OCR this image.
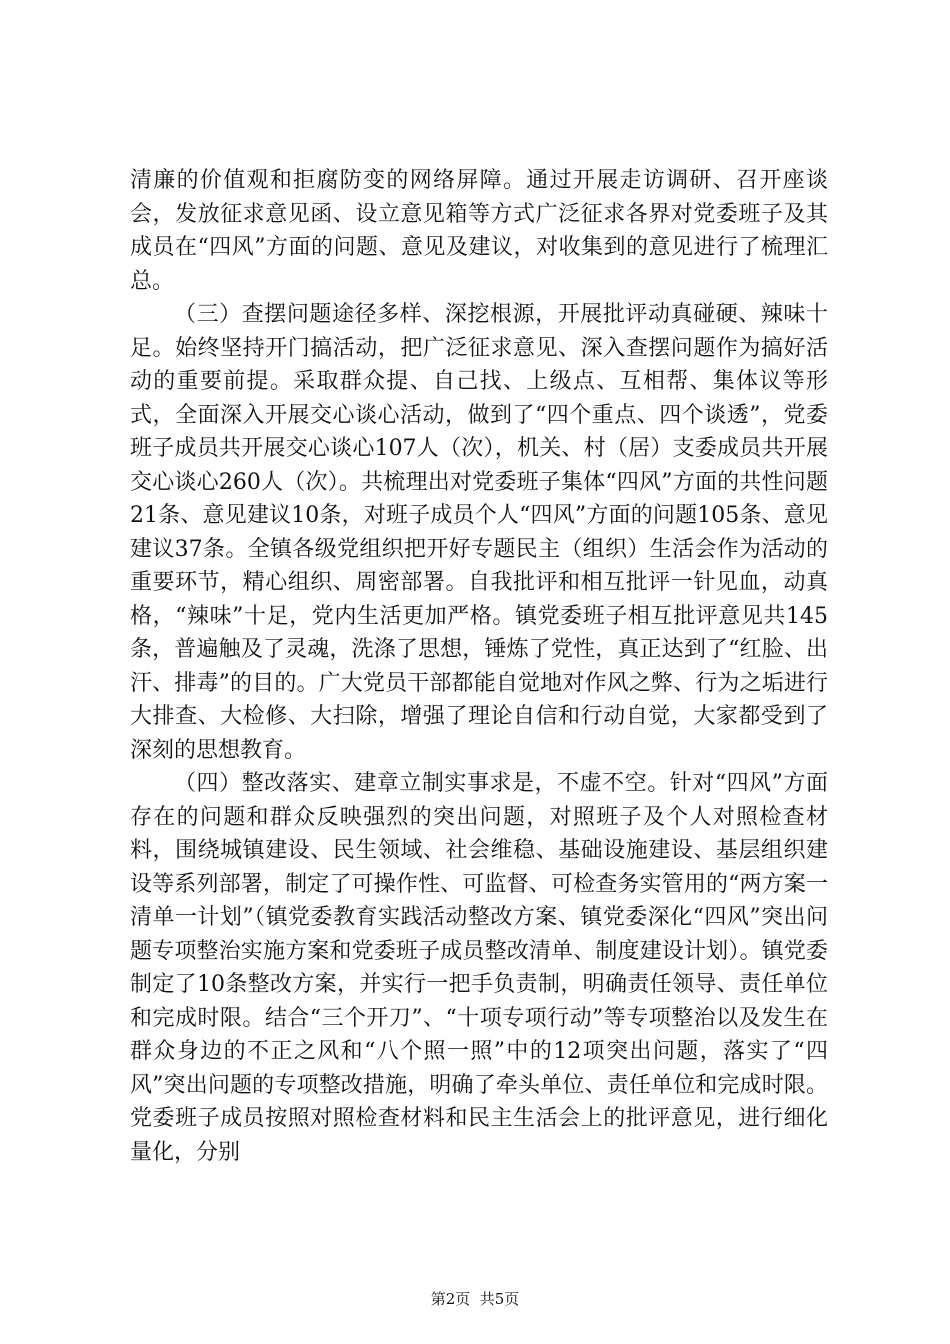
清廉的价值观和拒腐防变的网络屏障。通过开展走访调研、召开座谈会，发放征求意见函、设立意见箱等方式广泛征求各界对党委班子及其成员在“四风”方面的问题、意见及建议，对收集到的意见进行了梳理汇总。

（三）查摆问题途径多样、深挖根源，开展批评动真碰硬、辣味十足。始终坚持开门搞活动，把广泛征求意见、深入查摆问题作为搞好活动的重要前提。采取群众提、自己找、上级点、互相帮、集体议等形式，全面深入开展交心谈心活动，做到了“四个重点、四个谈透”，党委班子成员共开展交心谈心107人（次），机关、村（居）支委成员共开展交心谈心260人（次）。共梳理出对党委班子集体“四风”方面的共性问题21条、意见建议10条，对班子成员个人“四风”方面的问题105条、意见建议37条。全镇各级党组织把开好专题民主（组织）生活会作为活动的重要环节，精心组织、周密部署。自我批评和相互批评一针见血，动真格，“辣味”十足，党内生活更加严格。镇党委班子相互批评意见共145条，普遍触及了灵魂，洗涤了思想，锤炼了党性，真正达到了“红脸、出汗、排毒”的目的。广大党员干部都能自觉地对作风之弊、行为之垢进行大排查、大检修、大扫除，增强了理论自信和行动自觉，大家都受到了深刻的思想教育。

（四）整改落实、建章立制实事求是，不虚不空。针对“四风”方面存在的问题和群众反映强烈的突出问题，对照班子及个人对照检查材料，围绕城镇建设、民生领域、社会维稳、基础设施建设、基层组织建设等系列部署，制定了可操作性、可监督、可检查务实管用的“两方案一清单一计划”（镇党委教育实践活动整改方案、镇党委深化“四风”突出问题专项整治实施方案和党委班子成员整改清单、制度建设计划）。镇党委制定了10条整改方案，并实行一把手负责制，明确责任领导、责任单位和完成时限。结合“三个开刀”、“十项专项行动”等专项整治以及发生在群众身边的不正之风和“八个照一照”中的12项突出问题，落实了“四风”突出问题的专项整改措施，明确了牵头单位、责任单位和完成时限。党委班子成员按照对照检查材料和民主生活会上的批评意见，进行细化量化，分别

第2页  共5页
